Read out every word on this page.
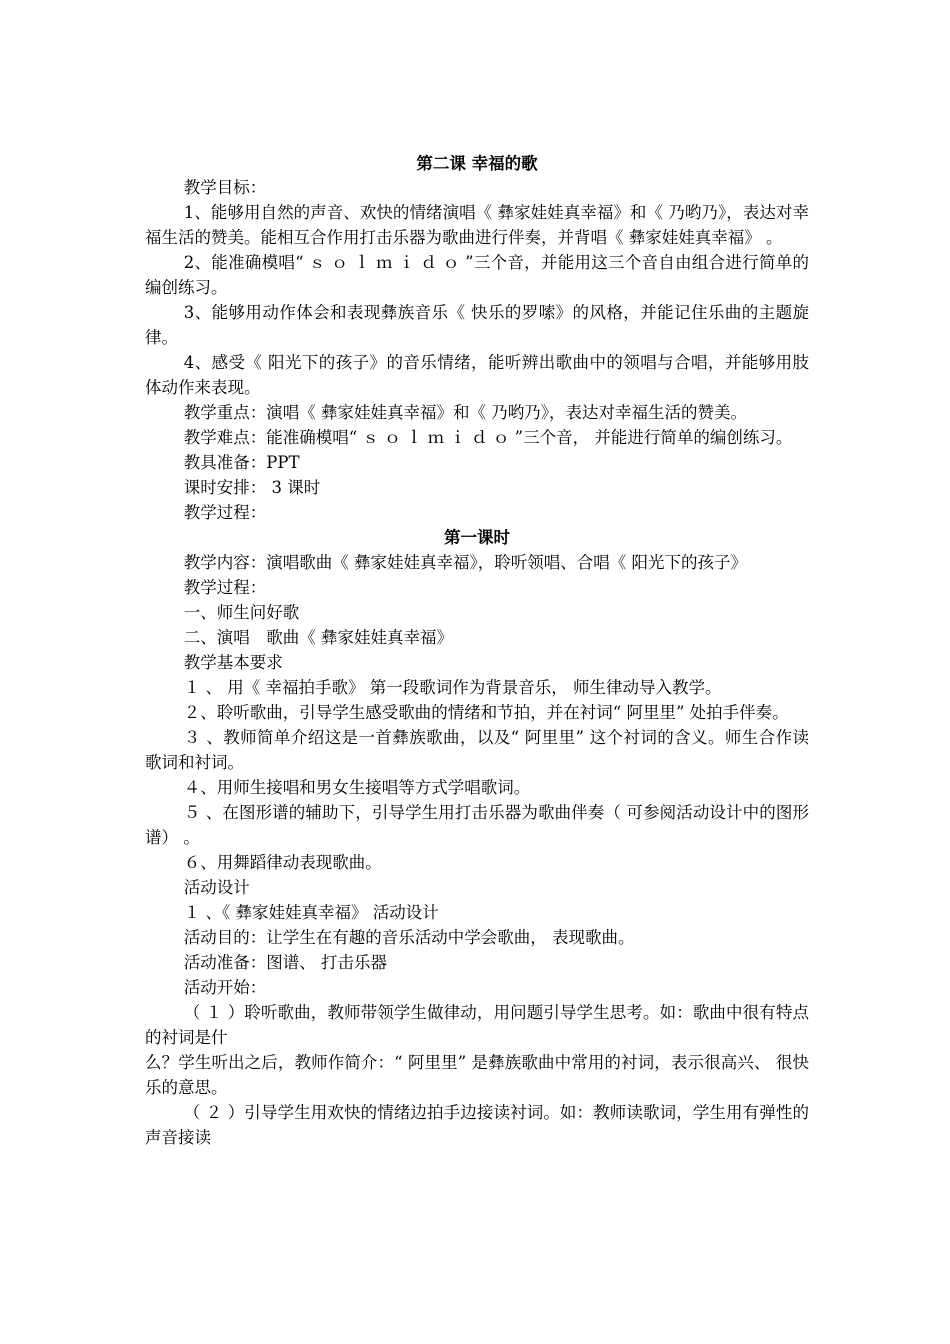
第二课 幸福的歌

教学目标：

1、能够用自然的声音、欢快的情绪演唱《 彝家娃娃真幸福》和《 乃哟乃》，表达对幸福生活的赞美。能相互合作用打击乐器为歌曲进行伴奏，并背唱《 彝家娃娃真幸福》 。

2、能准确模唱“ ｓ ｏ ｌ ｍ ｉ ｄ ｏ ”三个音，并能用这三个音自由组合进行简单的编创练习。

3、能够用动作体会和表现彝族音乐《 快乐的罗嗦》的风格，并能记住乐曲的主题旋律。

4、感受《 阳光下的孩子》的音乐情绪，能听辨出歌曲中的领唱与合唱，并能够用肢体动作来表现。

教学重点：演唱《 彝家娃娃真幸福》和《 乃哟乃》，表达对幸福生活的赞美。

教学难点：能准确模唱“ ｓ ｏ ｌ ｍ ｉ ｄ ｏ ”三个音， 并能进行简单的编创练习。

教具准备：PPT

课时安排： 3 课时

教学过程：

第一课时

教学内容：演唱歌曲《 彝家娃娃真幸福》，聆听领唱、合唱《 阳光下的孩子》

教学过程：

一、师生问好歌

二、演唱　歌曲《 彝家娃娃真幸福》

教学基本要求

１ 、 用《 幸福拍手歌》 第一段歌词作为背景音乐， 师生律动导入教学。

２、聆听歌曲，引导学生感受歌曲的情绪和节拍，并在衬词“ 阿里里” 处拍手伴奏。

３ 、教师简单介绍这是一首彝族歌曲，以及“ 阿里里” 这个衬词的含义。师生合作读歌词和衬词。

４、用师生接唱和男女生接唱等方式学唱歌词。

５ 、在图形谱的辅助下，引导学生用打击乐器为歌曲伴奏（ 可参阅活动设计中的图形谱） 。

６、用舞蹈律动表现歌曲。

活动设计

１ 、《 彝家娃娃真幸福》 活动设计

活动目的：让学生在有趣的音乐活动中学会歌曲， 表现歌曲。

活动准备：图谱、 打击乐器

活动开始：

（ １ ）聆听歌曲，教师带领学生做律动，用问题引导学生思考。如：歌曲中很有特点的衬词是什

么？学生听出之后，教师作简介：“ 阿里里” 是彝族歌曲中常用的衬词，表示很高兴、 很快乐的意思。

（ ２ ）引导学生用欢快的情绪边拍手边接读衬词。如：教师读歌词，学生用有弹性的声音接读
